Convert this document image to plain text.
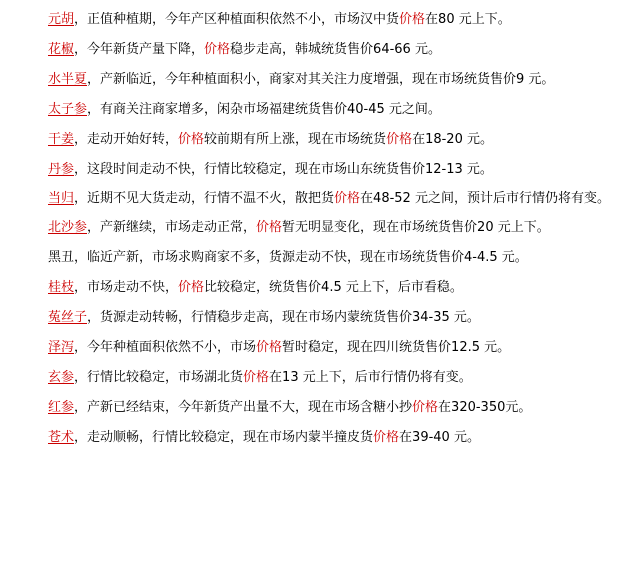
元胡，正值种植期，今年产区种植面积依然不小，市场汉中货价格在80 元上下。
花椒，今年新货产量下降，价格稳步走高，韩城统货售价64-66 元。
水半夏，产新临近，今年种植面积小，商家对其关注力度增强，现在市场统货售价9 元。
太子参，有商关注商家增多，闲杂市场福建统货售价40-45 元之间。
干姜，走动开始好转，价格较前期有所上涨，现在市场统货价格在18-20 元。
丹参，这段时间走动不快，行情比较稳定，现在市场山东统货售价12-13 元。
当归，近期不见大货走动，行情不温不火，散把货价格在48-52 元之间，预计后市行情仍将有变。
北沙参，产新继续，市场走动正常，价格暂无明显变化，现在市场统货售价20 元上下。
黑丑，临近产新，市场求购商家不多，货源走动不快，现在市场统货售价4-4.5 元。
桂枝，市场走动不快，价格比较稳定，统货售价4.5 元上下，后市看稳。
菟丝子，货源走动转畅，行情稳步走高，现在市场内蒙统货售价34-35 元。
泽泻，今年种植面积依然不小，市场价格暂时稳定，现在四川统货售价12.5 元。
玄参，行情比较稳定，市场湖北货价格在13 元上下，后市行情仍将有变。
红参，产新已经结束，今年新货产出量不大，现在市场含糖小抄价格在320-350元。
苍术，走动顺畅，行情比较稳定，现在市场内蒙半撞皮货价格在39-40 元。
